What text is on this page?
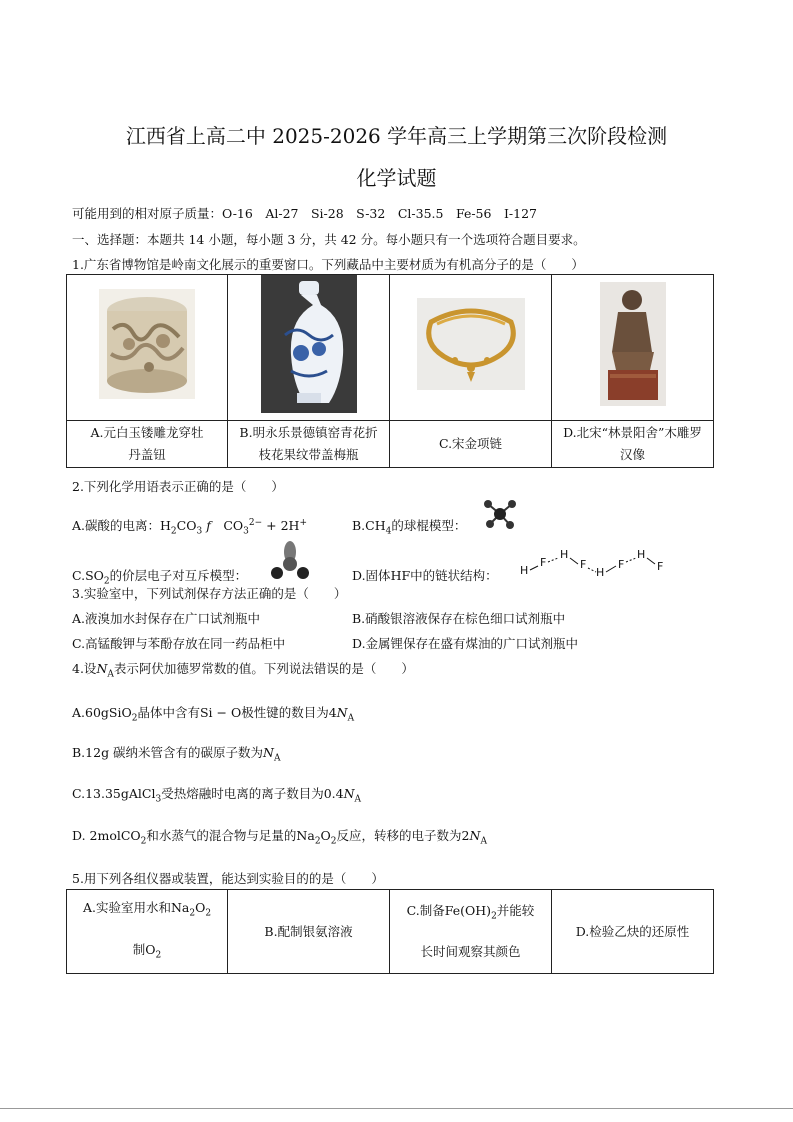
江西省上高二中 2025-2026 学年高三上学期第三次阶段检测
化学试题
可能用到的相对原子质量：O-16　Al-27　Si-28　S-32　Cl-35.5　Fe-56　I-127
一、选择题：本题共 14 小题，每小题 3 分，共 42 分。每小题只有一个选项符合题目要求。
1.广东省博物馆是岭南文化展示的重要窗口。下列藏品中主要材质为有机高分子的是（　　）

A.元白玉镂雕龙穿牡丹盖钮	B.明永乐景德镇窑青花折枝花果纹带盖梅瓶	C.宋金项链	D.北宋“林景阳舍”木雕罗汉像
2.下列化学用语表示正确的是（　　）
A.碳酸的电离：$H_2CO_3$ f　$CO_3^{2-} + 2H^+$	$B.CH_4$的球棍模型：
$C.SO_2$的价层电子对互斥模型：	D.固体HF中的链状结构： H
F
H
F
H
F
H
F
3.实验室中，下列试剂保存方法正确的是（　　）
A.液溴加水封保存在广口试剂瓶中	B.硝酸银溶液保存在棕色细口试剂瓶中
C.高锰酸钾与苯酚存放在同一药品柜中	D.金属锂保存在盛有煤油的广口试剂瓶中
4.设$N_A$表示阿伏加德罗常数的值。下列说法错误的是（　　）
A.60gSiO$_2$晶体中含有Si − O极性键的数目为$4N_A$
B.12g 碳纳米管含有的碳原子数为$N_A$
C.13.35gAlCl$_3$受热熔融时电离的离子数目为$0.4N_A$
D. 2molCO$_2$和水蒸气的混合物与足量的$Na_2O_2$反应，转移的电子数为$2N_A$
5.用下列各组仪器或装置，能达到实验目的的是（　　）
A.实验室用水和$Na_2O_2$
制$O_2$
	B.配制银氨溶液	
C.制备$Fe(OH)_2$并能较
长时间观察其颜色
	D.检验乙炔的还原性
